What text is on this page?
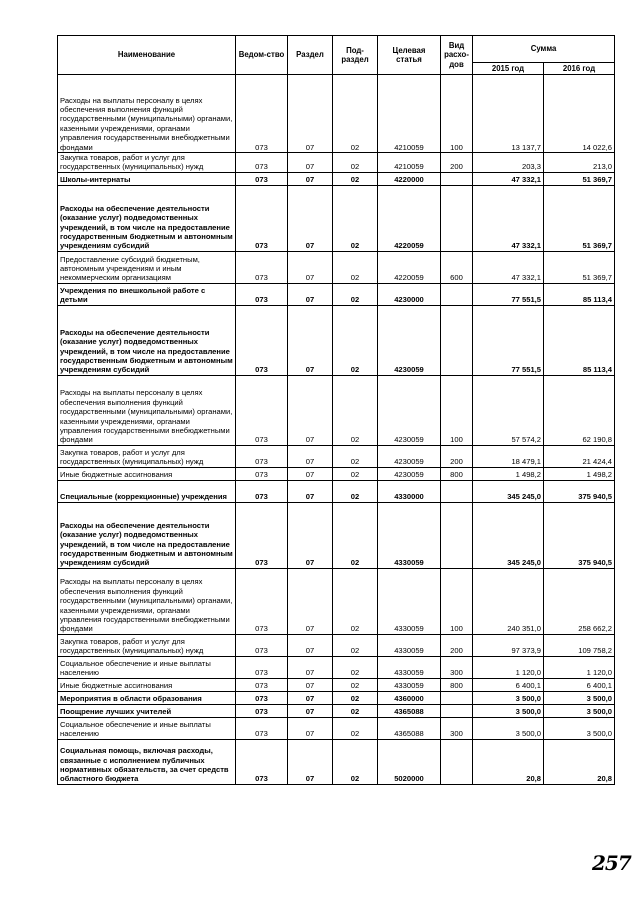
Наименование	Ведом-ство	Раздел	Под-раздел	Целевая статья	Вид расхо-дов	Сумма	
						2015 год	2016 год
Расходы на выплаты персоналу в целях обеспечения выполнения функций государственными (муниципальными) органами, казенными учреждениями, органами управления государственными внебюджетными фондами	073	07	02	4210059	100	13 137,7	14 022,6
Закупка товаров, работ и услуг для государственных (муниципальных) нужд	073	07	02	4210059	200	203,3	213,0
Школы-интернаты	073	07	02	4220000		47 332,1	51 369,7
Расходы на обеспечение деятельности (оказание услуг) подведомственных учреждений, в том числе на предоставление государственным бюджетным и автономным учреждениям субсидий	073	07	02	4220059		47 332,1	51 369,7
Предоставление субсидий бюджетным, автономным учреждениям и иным некоммерческим организациям	073	07	02	4220059	600	47 332,1	51 369,7
Учреждения по внешкольной работе с детьми	073	07	02	4230000		77 551,5	85 113,4
Расходы на обеспечение деятельности (оказание услуг) подведомственных учреждений, в том числе на предоставление государственным бюджетным и автономным учреждениям субсидий	073	07	02	4230059		77 551,5	85 113,4
Расходы на выплаты персоналу в целях обеспечения выполнения функций государственными (муниципальными) органами, казенными учреждениями, органами управления государственными внебюджетными фондами	073	07	02	4230059	100	57 574,2	62 190,8
Закупка товаров, работ и услуг для государственных (муниципальных) нужд	073	07	02	4230059	200	18 479,1	21 424,4
Иные бюджетные ассигнования	073	07	02	4230059	800	1 498,2	1 498,2
Специальные (коррекционные) учреждения	073	07	02	4330000		345 245,0	375 940,5
Расходы на обеспечение деятельности (оказание услуг) подведомственных учреждений, в том числе на предоставление государственным бюджетным и автономным учреждениям субсидий	073	07	02	4330059		345 245,0	375 940,5
Расходы на выплаты персоналу в целях обеспечения выполнения функций государственными (муниципальными) органами, казенными учреждениями, органами управления государственными внебюджетными фондами	073	07	02	4330059	100	240 351,0	258 662,2
Закупка товаров, работ и услуг для государственных (муниципальных) нужд	073	07	02	4330059	200	97 373,9	109 758,2
Социальное обеспечение и иные выплаты населению	073	07	02	4330059	300	1 120,0	1 120,0
Иные бюджетные ассигнования	073	07	02	4330059	800	6 400,1	6 400,1
Мероприятия в области образования	073	07	02	4360000		3 500,0	3 500,0
Поощрение лучших учителей	073	07	02	4365088		3 500,0	3 500,0
Социальное обеспечение и иные выплаты населению	073	07	02	4365088	300	3 500,0	3 500,0
Социальная помощь, включая расходы, связанные с исполнением публичных нормативных обязательств, за счет средств областного бюджета	073	07	02	5020000		20,8	20,8
257
